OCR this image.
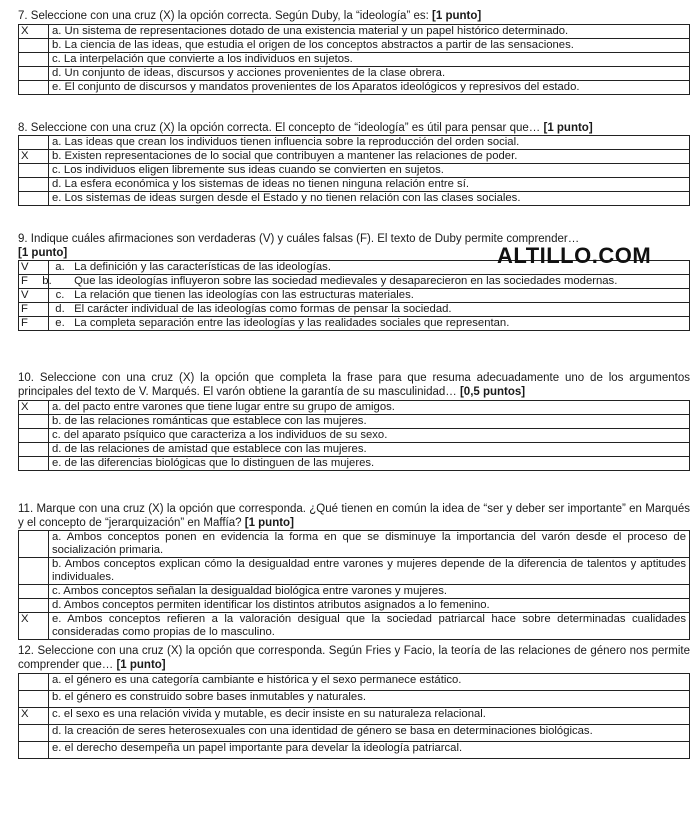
7. Seleccione con una cruz (X) la opción correcta. Según Duby, la “ideología” es: [1 punto]
X	a. Un sistema de representaciones dotado de una existencia material y un papel histórico determinado.
	b. La ciencia de las ideas, que estudia el origen de los conceptos abstractos a partir de las sensaciones.
	c. La interpelación que convierte a los individuos en sujetos.
	d. Un conjunto de ideas, discursos y acciones provenientes de la clase obrera.
	e. El conjunto de discursos y mandatos provenientes de los Aparatos ideológicos y represivos del estado.
8. Seleccione con una cruz (X) la opción correcta. El concepto de “ideología” es útil para pensar que… [1 punto]
	a. Las ideas que crean los individuos tienen influencia sobre la reproducción del orden social.
X	b. Existen representaciones de lo social que contribuyen a mantener las relaciones de poder.
	c. Los individuos eligen libremente sus ideas cuando se convierten en sujetos.
	d. La esfera económica y los sistemas de ideas no tienen ninguna relación entre sí.
	e. Los sistemas de ideas surgen desde el Estado y no tienen relación con las clases sociales.
9. Indique cuáles afirmaciones son verdaderas (V) y cuáles falsas (F). El texto de Duby permite comprender…
[1 punto]
V	a. La definición y las características de las ideologías.
F	b. Que las ideologías influyeron sobre las sociedad medievales y desaparecieron en las sociedades modernas.
V	c. La relación que tienen las ideologías con las estructuras materiales.
F	d. El carácter individual de las ideologías como formas de pensar la sociedad.
F	e. La completa separación entre las ideologías y las realidades sociales que representan.
ALTILLO.COM
10. Seleccione con una cruz (X) la opción que completa la frase para que resuma adecuadamente uno de los argumentos principales del texto de V. Marqués. El varón obtiene la garantía de su masculinidad… [0,5 puntos]
X	a. del pacto entre varones que tiene lugar entre su grupo de amigos.
	b. de las relaciones románticas que establece con las mujeres.
	c. del aparato psíquico que caracteriza a los individuos de su sexo.
	d. de las relaciones de amistad que establece con las mujeres.
	e. de las diferencias biológicas que lo distinguen de las mujeres.
11. Marque con una cruz (X) la opción que corresponda. ¿Qué tienen en común la idea de “ser y deber ser importante” en Marqués y el concepto de “jerarquización” en Maffía? [1 punto]
	a. Ambos conceptos ponen en evidencia la forma en que se disminuye la importancia del varón desde el proceso de socialización primaria.
	b. Ambos conceptos explican cómo la desigualdad entre varones y mujeres depende de la diferencia de talentos y aptitudes individuales.
	c. Ambos conceptos señalan la desigualdad biológica entre varones y mujeres.
	d. Ambos conceptos permiten identificar los distintos atributos asignados a lo femenino.
X	e. Ambos conceptos refieren a la valoración desigual que la sociedad patriarcal hace sobre determinadas cualidades consideradas como propias de lo masculino.
12. Seleccione con una cruz (X) la opción que corresponda. Según Fries y Facio, la teoría de las relaciones de género nos permite comprender que… [1 punto]
	a. el género es una categoría cambiante e histórica y el sexo permanece estático.
	b. el género es construido sobre bases inmutables y naturales.
X	c. el sexo es una relación vivida y mutable, es decir insiste en su naturaleza relacional.
	d. la creación de seres heterosexuales con una identidad de género se basa en determinaciones biológicas.
	e. el derecho desempeña un papel importante para develar la ideología patriarcal.
